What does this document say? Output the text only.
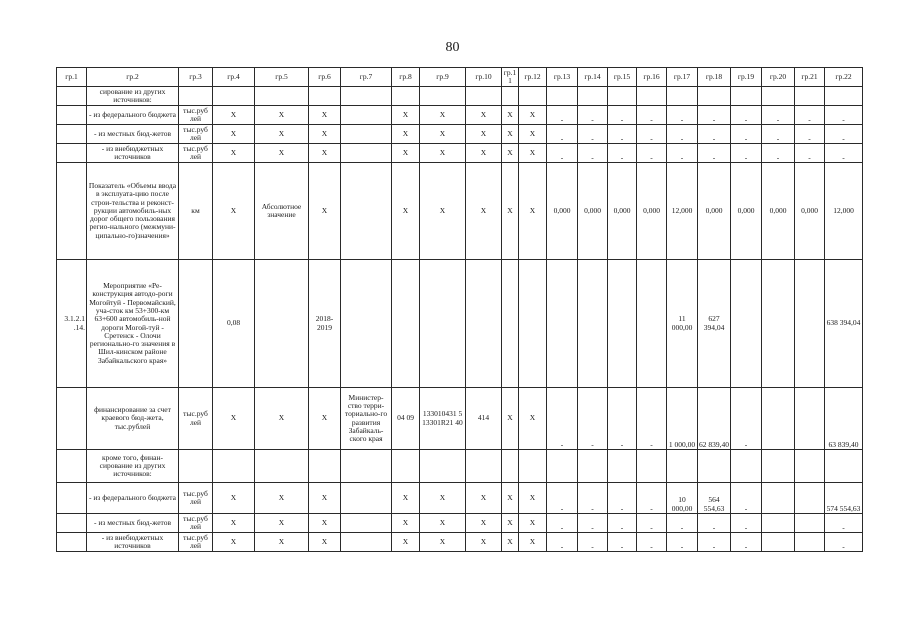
80
гр.1	гр.2	гр.3	гр.4	гр.5	гр.6	гр.7	гр.8	гр.9	гр.10	гр.1 1	гр.12	гр.13	гр.14	гр.15	гр.16	гр.17	гр.18	гр.19	гр.20	гр.21	гр.22
	сирование из других источников:																				
	- из федерального бюджета	тыс.руб лей	Х	Х	Х		Х	Х	Х	Х	Х	-	-	-	-	-	-	-	-	-	-
	- из местных бюд-жетов	тыс.руб лей	Х	Х	Х		Х	Х	Х	Х	Х	-	-	-	-	-	-	-	-	-	-
	- из внебюджетных источников	тыс.руб лей	Х	Х	Х		Х	Х	Х	Х	Х	-	-	-	-	-	-	-	-	-	-
	Показатель «Объемы ввода в эксплуата-цию после строи-тельства и реконст-рукции автомобиль-ных дорог общего пользования регио-нального (межмуни-ципально-го)значения»	км	Х	Абсолютное значение	Х		Х	Х	Х	Х	Х	0,000	0,000	0,000	0,000	12,000	0,000	0,000	0,000	0,000	12,000
3.1.2.1 .14.	Мероприятие «Ре-конструкция автодо-роги Могойтуй - Первомайский, уча-сток км 53+300-км 63+600 автомобиль-ной дороги Могой-туй - Сретенск - Олочи регионально-го значения в Шил-кинском районе Забайкальского края»		0,08		2018-2019											11 000,00	627 394,04				638 394,04
	финансирование за счет краевого бюд-жета, тыс.рублей	тыс.руб лей	Х	Х	Х	Министер-ство терри-ториально-го развития Забайкаль-ского края	04 09	133010431 5 13301R21 40	414	Х	Х	-	-	-	-	1 000,00	62 839,40	-			63 839,40
	кроме того, финан-сирование из других источников:																				
	- из федерального бюджета	тыс.руб лей	Х	Х	Х		Х	Х	Х	Х	Х	-	-	-	-	10 000,00	564 554,63	-			574 554,63
	- из местных бюд-жетов	тыс.руб лей	Х	Х	Х		Х	Х	Х	Х	Х	-	-	-	-	-	-	-			-
	- из внебюджетных источников	тыс.руб лей	Х	Х	Х		Х	Х	Х	Х	Х	-	-	-	-	-	-	-			-
